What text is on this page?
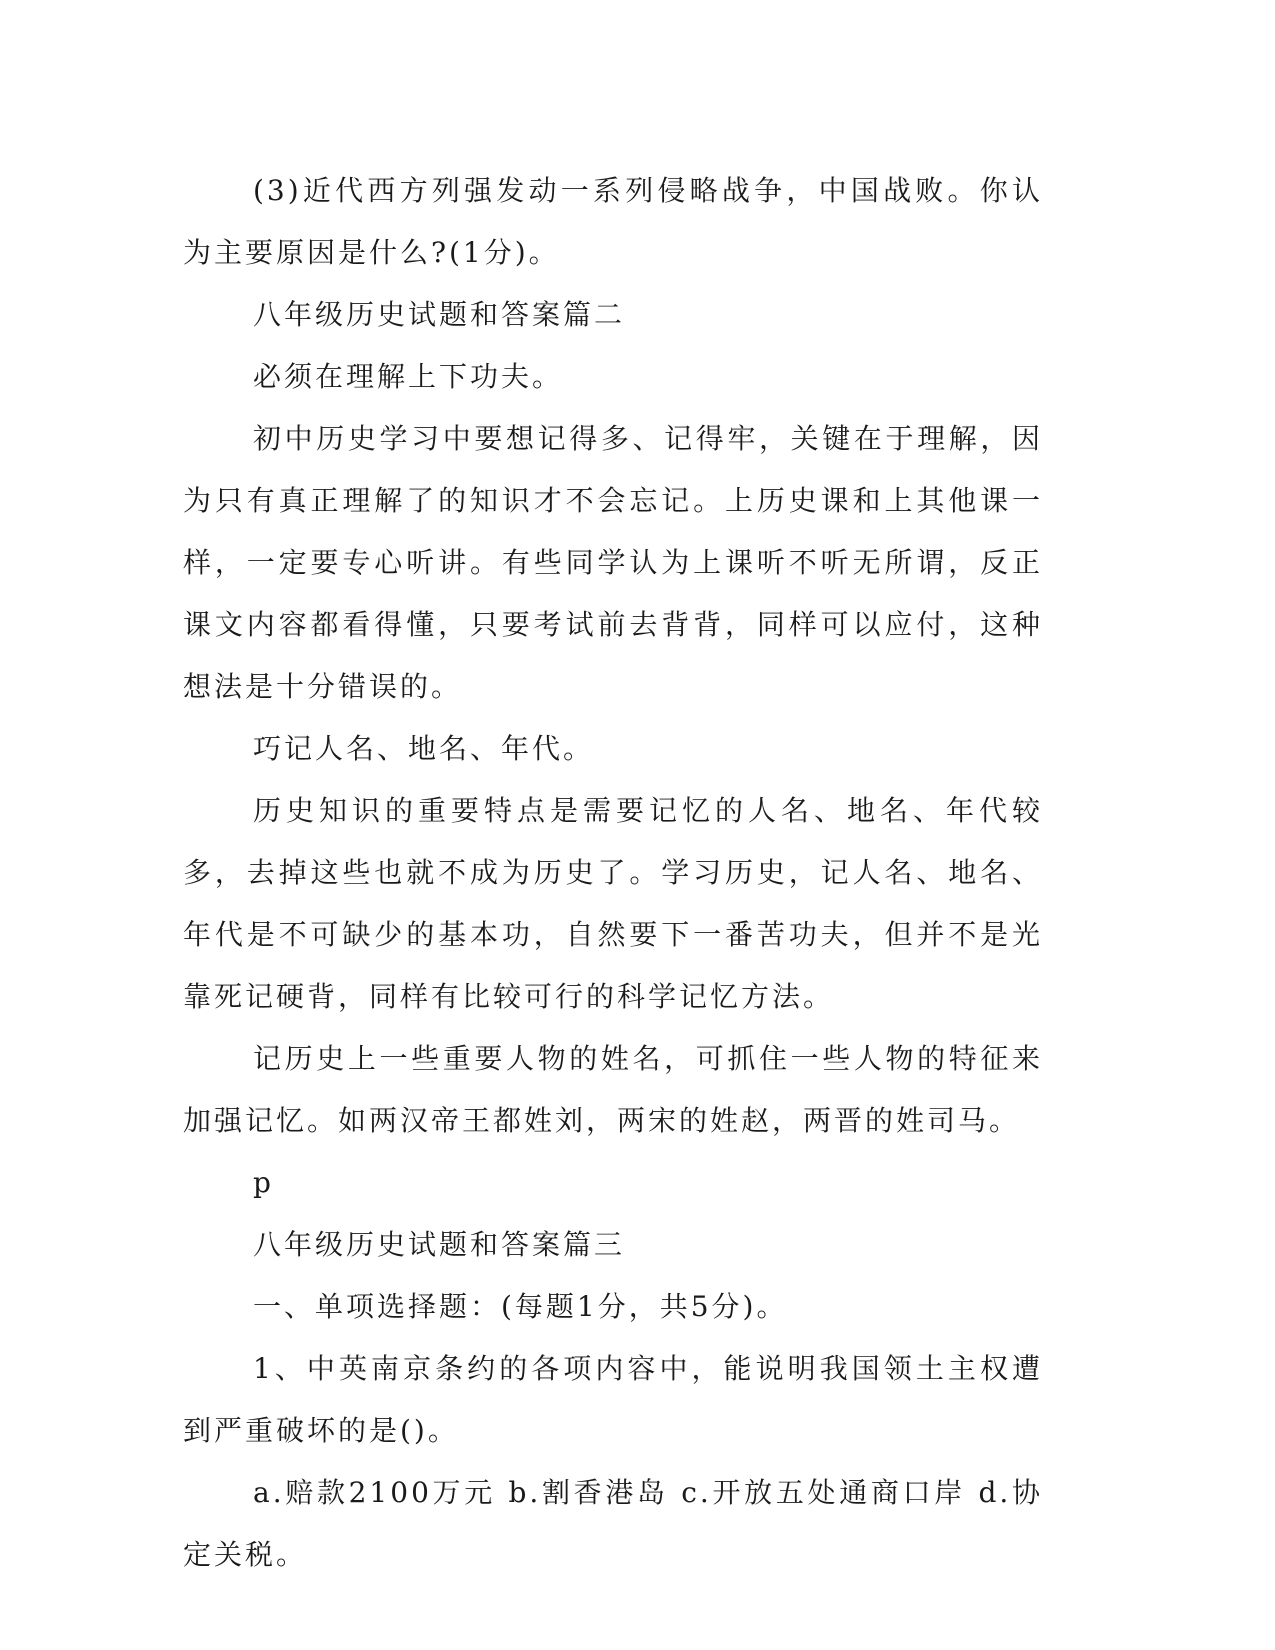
(3)近代西方列强发动一系列侵略战争，中国战败。你认为主要原因是什么?(1分)。

八年级历史试题和答案篇二

必须在理解上下功夫。

初中历史学习中要想记得多、记得牢，关键在于理解，因为只有真正理解了的知识才不会忘记。上历史课和上其他课一样，一定要专心听讲。有些同学认为上课听不听无所谓，反正课文内容都看得懂，只要考试前去背背，同样可以应付，这种想法是十分错误的。

巧记人名、地名、年代。

历史知识的重要特点是需要记忆的人名、地名、年代较多，去掉这些也就不成为历史了。学习历史，记人名、地名、年代是不可缺少的基本功，自然要下一番苦功夫，但并不是光靠死记硬背，同样有比较可行的科学记忆方法。

记历史上一些重要人物的姓名，可抓住一些人物的特征来加强记忆。如两汉帝王都姓刘，两宋的姓赵，两晋的姓司马。

p

八年级历史试题和答案篇三

一、单项选择题：(每题1分，共5分)。

1、中英南京条约的各项内容中，能说明我国领土主权遭到严重破坏的是()。

a.赔款2100万元 b.割香港岛 c.开放五处通商口岸 d.协定关税。
